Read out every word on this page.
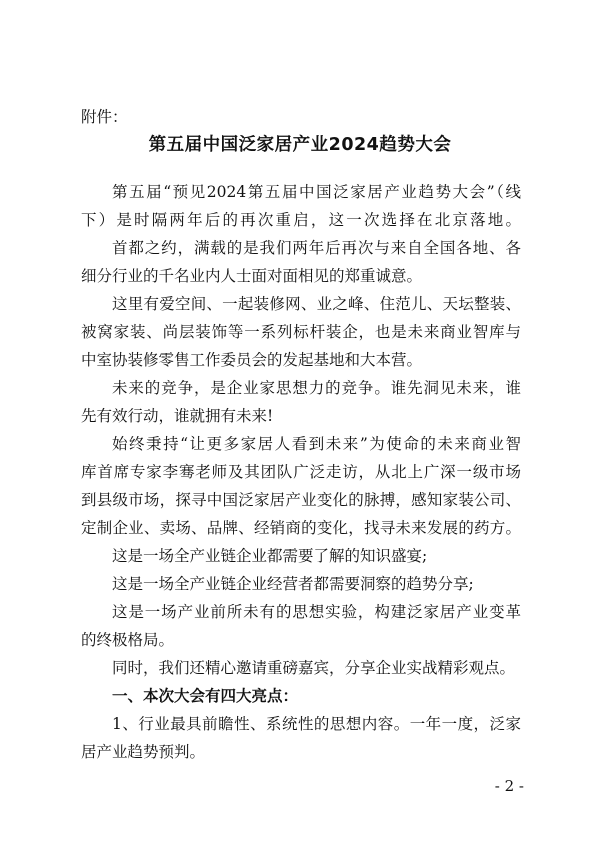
附件：
第五届中国泛家居产业2024趋势大会
第五届“预见2024第五届中国泛家居产业趋势大会”（线
下）是时隔两年后的再次重启，这一次选择在北京落地。
首都之约，满载的是我们两年后再次与来自全国各地、各
细分行业的千名业内人士面对面相见的郑重诚意。
这里有爱空间、一起装修网、业之峰、住范儿、天坛整装、
被窝家装、尚层装饰等一系列标杆装企，也是未来商业智库与
中室协装修零售工作委员会的发起基地和大本营。
未来的竞争，是企业家思想力的竞争。谁先洞见未来，谁
先有效行动，谁就拥有未来!
始终秉持“让更多家居人看到未来”为使命的未来商业智
库首席专家李骞老师及其团队广泛走访，从北上广深一级市场
到县级市场，探寻中国泛家居产业变化的脉搏，感知家装公司、
定制企业、卖场、品牌、经销商的变化，找寻未来发展的药方。
这是一场全产业链企业都需要了解的知识盛宴;
这是一场全产业链企业经营者都需要洞察的趋势分享;
这是一场产业前所未有的思想实验，构建泛家居产业变革
的终极格局。
同时，我们还精心邀请重磅嘉宾，分享企业实战精彩观点。
一、本次大会有四大亮点：
1、行业最具前瞻性、系统性的思想内容。一年一度，泛家
居产业趋势预判。
- 2 -
